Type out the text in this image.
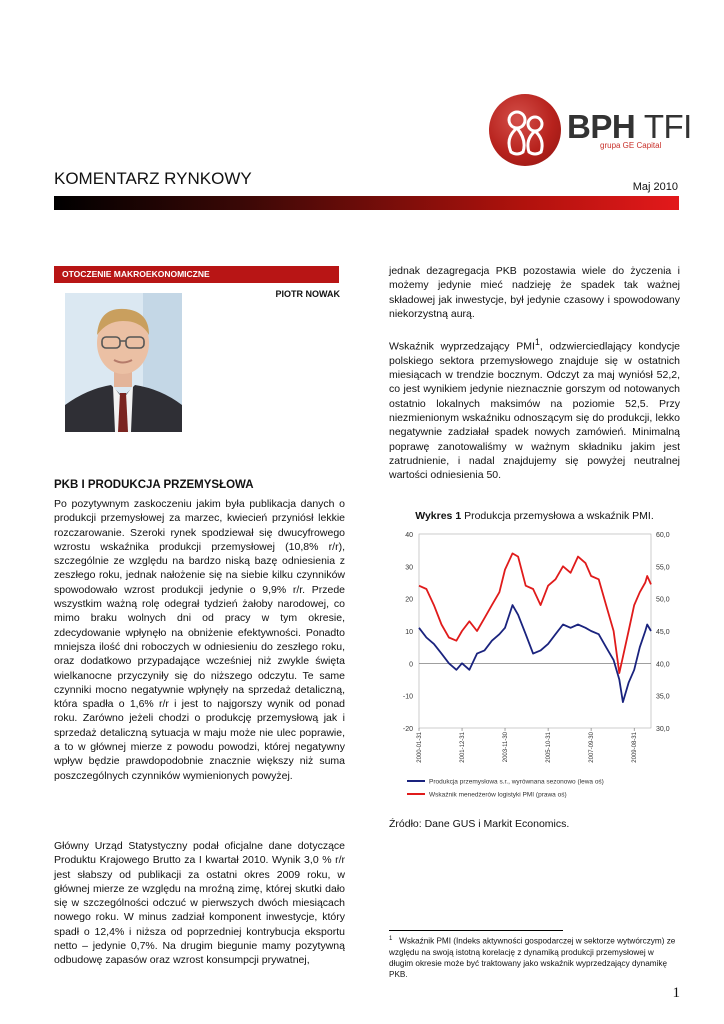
BPH TFI
grupa GE Capital
KOMENTARZ RYNKOWY	Maj 2010
OTOCZENIE MAKROEKONOMICZNE
PIOTR NOWAK
PKB I PRODUKCJA PRZEMYSŁOWA

Po pozytywnym zaskoczeniu jakim była publikacja danych o produkcji przemysłowej za marzec, kwiecień przyniósł lekkie rozczarowanie. Szeroki rynek spodziewał się dwucyfrowego wzrostu wskaźnika produkcji przemysłowej (10,8% r/r), szczególnie ze względu na bardzo niską bazę odniesienia z zeszłego roku, jednak nałożenie się na siebie kilku czynników spowodowało wzrost produkcji jedynie o 9,9% r/r. Przede wszystkim ważną rolę odegrał tydzień żałoby narodowej, co mimo braku wolnych dni od pracy w tym okresie, zdecydowanie wpłynęło na obniżenie efektywności. Ponadto mniejsza ilość dni roboczych w odniesieniu do zeszłego roku, oraz dodatkowo przypadające wcześniej niż zwykle święta wielkanocne przyczyniły się do niższego odczytu. Te same czynniki mocno negatywnie wpłynęły na sprzedaż detaliczną, która spadła o 1,6% r/r i jest to najgorszy wynik od ponad roku. Zarówno jeżeli chodzi o produkcję przemysłową jak i sprzedaż detaliczną sytuacja w maju może nie ulec poprawie, a to w głównej mierze z powodu powodzi, której negatywny wpływ będzie prawdopodobnie znacznie większy niż suma poszczególnych czynników wymienionych powyżej.

Główny Urząd Statystyczny podał oficjalne dane dotyczące Produktu Krajowego Brutto za I kwartał 2010. Wynik 3,0 % r/r jest słabszy od publikacji za ostatni okres 2009 roku, w głównej mierze ze względu na mroźną zimę, której skutki dało się w szczególności odczuć w pierwszych dwóch miesiącach nowego roku. W minus zadział komponent inwestycje, który spadł o 12,4% i niższa od poprzedniej kontrybucja eksportu netto – jedynie 0,7%. Na drugim biegunie mamy pozytywną odbudowę zapasów oraz wzrost konsumpcji prywatnej,

jednak dezagregacja PKB pozostawia wiele do życzenia i możemy jedynie mieć nadzieję że spadek tak ważnej składowej jak inwestycje, był jedynie czasowy i spowodowany niekorzystną aurą.

Wskaźnik wyprzedzający PMI$^1$, odzwierciedlający kondycje polskiego sektora przemysłowego znajduje się w ostatnich miesiącach w trendzie bocznym. Odczyt za maj wyniósł 52,2, co jest wynikiem jedynie nieznacznie gorszym od notowanych ostatnio lokalnych maksimów na poziomie 52,5. Przy niezmienionym wskaźniku odnoszącym się do produkcji, lekko negatywnie zadziałał spadek nowych zamówień. Minimalną poprawę zanotowaliśmy w ważnym składniku jakim jest zatrudnienie, i nadal znajdujemy się powyżej neutralnej wartości odniesienia 50.

Wykres 1 Produkcja przemysłowa a wskaźnik PMI.
40
30
20
10
0
-10
-20
60,0
55,0
50,0
45,0
40,0
35,0
30,0
2000-01-31	2001-12-31	2003-11-30	2005-10-31	2007-09-30	2009-08-31
Produkcja przemysłowa s.r., wyrównana sezonowo (lewa oś)
Wskaźnik menedżerów logistyki PMI (prawa oś)
Źródło: Dane GUS i Markit Economics.
$^1$ Wskaźnik PMI (Indeks aktywności gospodarczej w sektorze wytwórczym) ze względu na swoją istotną korelację z dynamiką produkcji przemysłowej w długim okresie może być traktowany jako wskaźnik wyprzedzający dynamikę PKB.
1
